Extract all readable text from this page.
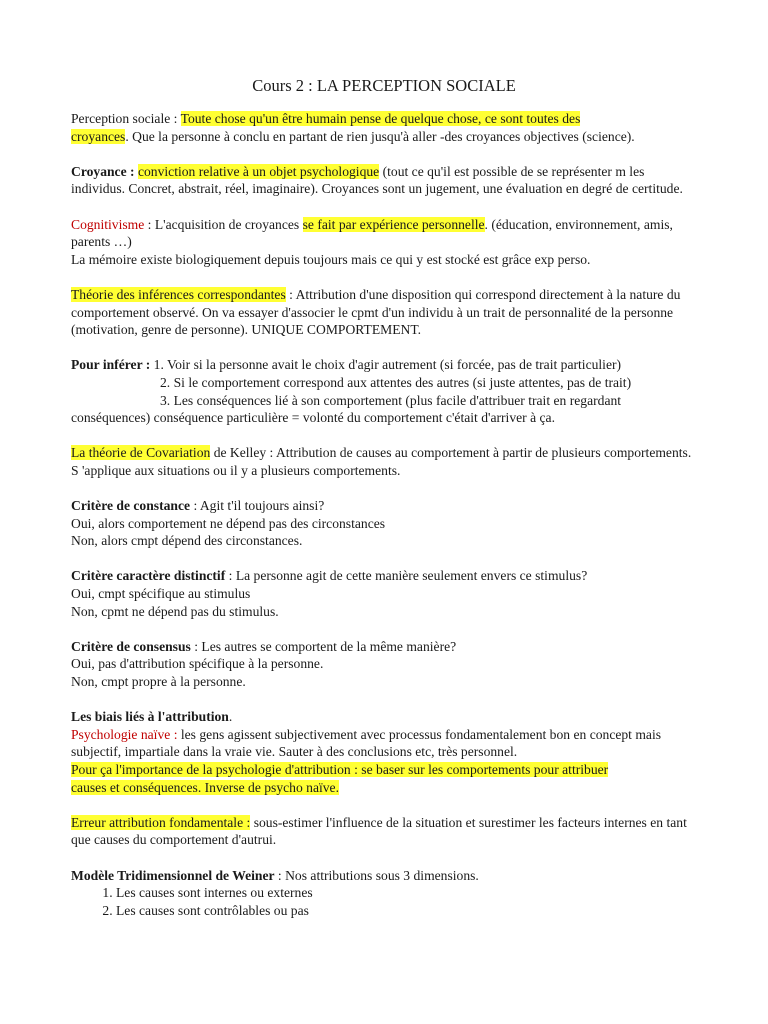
Cours 2 : LA PERCEPTION SOCIALE

Perception sociale : Toute chose qu'un être humain pense de quelque chose, ce sont toutes des
croyances. Que la personne à conclu en partant de rien jusqu'à aller -des croyances objectives (science).

Croyance : conviction relative à un objet psychologique (tout ce qu'il est possible de se représenter m les individus. Concret, abstrait, réel, imaginaire). Croyances sont un jugement, une évaluation en degré de certitude.

Cognitivisme : L'acquisition de croyances se fait par expérience personnelle. (éducation, environnement, amis, parents …)
La mémoire existe biologiquement depuis toujours mais ce qui y est stocké est grâce exp perso.

Théorie des inférences correspondantes : Attribution d'une disposition qui correspond directement à la nature du comportement observé. On va essayer d'associer le cpmt d'un individu à un trait de personnalité de la personne (motivation, genre de personne). UNIQUE COMPORTEMENT.

Pour inférer : 1. Voir si la personne avait le choix d'agir autrement (si forcée, pas de trait particulier)
2. Si le comportement correspond aux attentes des autres (si juste attentes, pas de trait)
3. Les conséquences lié à son comportement (plus facile d'attribuer trait en regardant
conséquences) conséquence particulière = volonté du comportement c'était d'arriver à ça.

La théorie de Covariation de Kelley : Attribution de causes au comportement à partir de plusieurs comportements. S 'applique aux situations ou il y a plusieurs comportements.

Critère de constance : Agit t'il toujours ainsi?
Oui, alors comportement ne dépend pas des circonstances
Non, alors cmpt dépend des circonstances.

Critère caractère distinctif : La personne agit de cette manière seulement envers ce stimulus?
Oui, cmpt spécifique au stimulus
Non, cpmt ne dépend pas du stimulus.

Critère de consensus : Les autres se comportent de la même manière?
Oui, pas d'attribution spécifique à la personne.
Non, cmpt propre à la personne.

Les biais liés à l'attribution.
Psychologie naïve : les gens agissent subjectivement avec processus fondamentalement bon en concept mais subjectif, impartiale dans la vraie vie. Sauter à des conclusions etc, très personnel.
Pour ça l'importance de la psychologie d'attribution : se baser sur les comportements pour attribuer
causes et conséquences. Inverse de psycho naïve.

Erreur attribution fondamentale : sous-estimer l'influence de la situation et surestimer les facteurs internes en tant que causes du comportement d'autrui.

Modèle Tridimensionnel de Weiner : Nos attributions sous 3 dimensions.

1. Les causes sont internes ou externes
2. Les causes sont contrôlables ou pas
